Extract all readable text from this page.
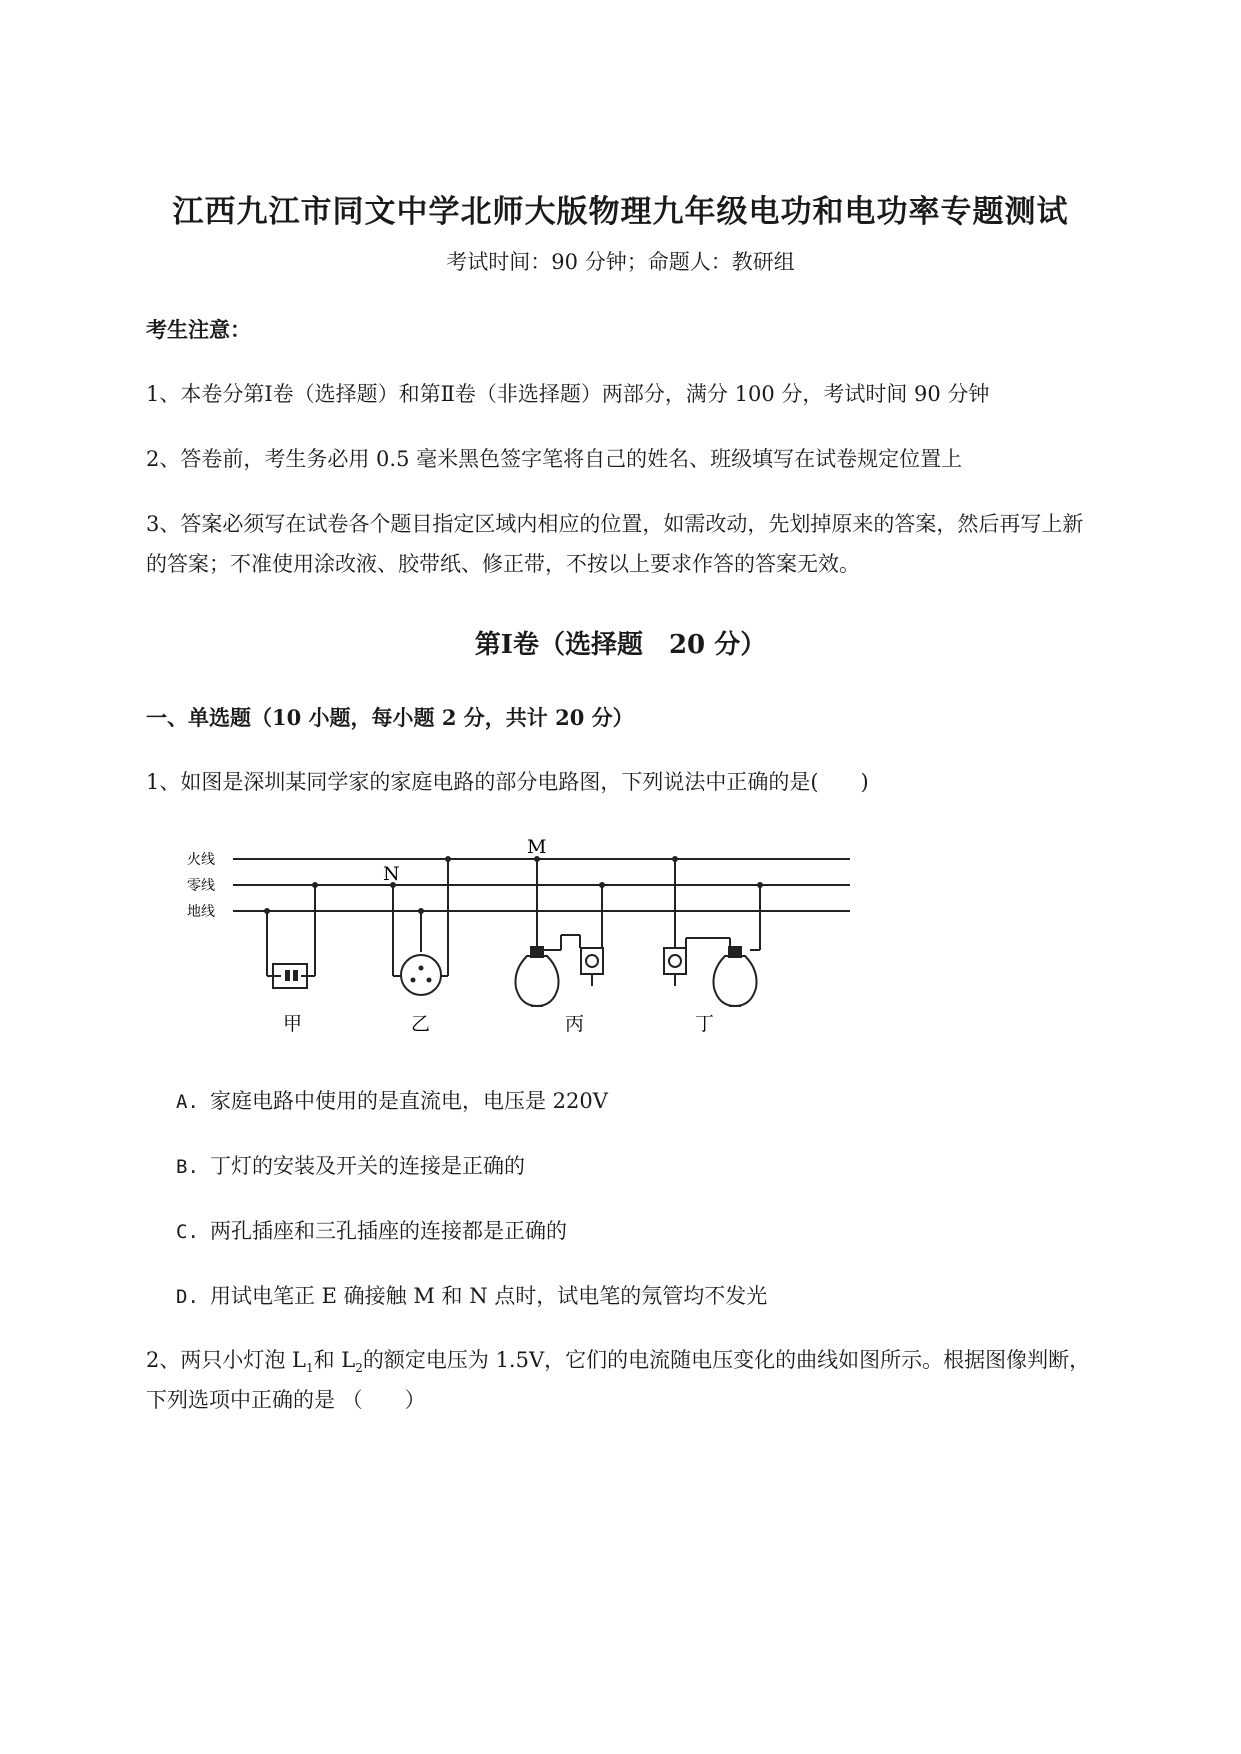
江西九江市同文中学北师大版物理九年级电功和电功率专题测试
考试时间：90 分钟；命题人：教研组
考生注意：
1、本卷分第Ⅰ卷（选择题）和第Ⅱ卷（非选择题）两部分，满分 100 分，考试时间 90 分钟
2、答卷前，考生务必用 0.5 毫米黑色签字笔将自己的姓名、班级填写在试卷规定位置上
3、答案必须写在试卷各个题目指定区域内相应的位置，如需改动，先划掉原来的答案，然后再写上新
的答案；不准使用涂改液、胶带纸、修正带，不按以上要求作答的答案无效。
第Ⅰ卷（选择题　20 分）
一、单选题（10 小题，每小题 2 分，共计 20 分）
1、如图是深圳某同学家的家庭电路的部分电路图，下列说法中正确的是(　　)
火线
零线
地线
M
N
甲	乙	丙	丁
A. 家庭电路中使用的是直流电，电压是 220V
B. 丁灯的安装及开关的连接是正确的
C. 两孔插座和三孔插座的连接都是正确的
D. 用试电笔正 E 确接触 M 和 N 点时，试电笔的氖管均不发光
2、两只小灯泡 $L_1$和 $L_2$的额定电压为 1.5V，它们的电流随电压变化的曲线如图所示。根据图像判断，
下列选项中正确的是 （　　）
